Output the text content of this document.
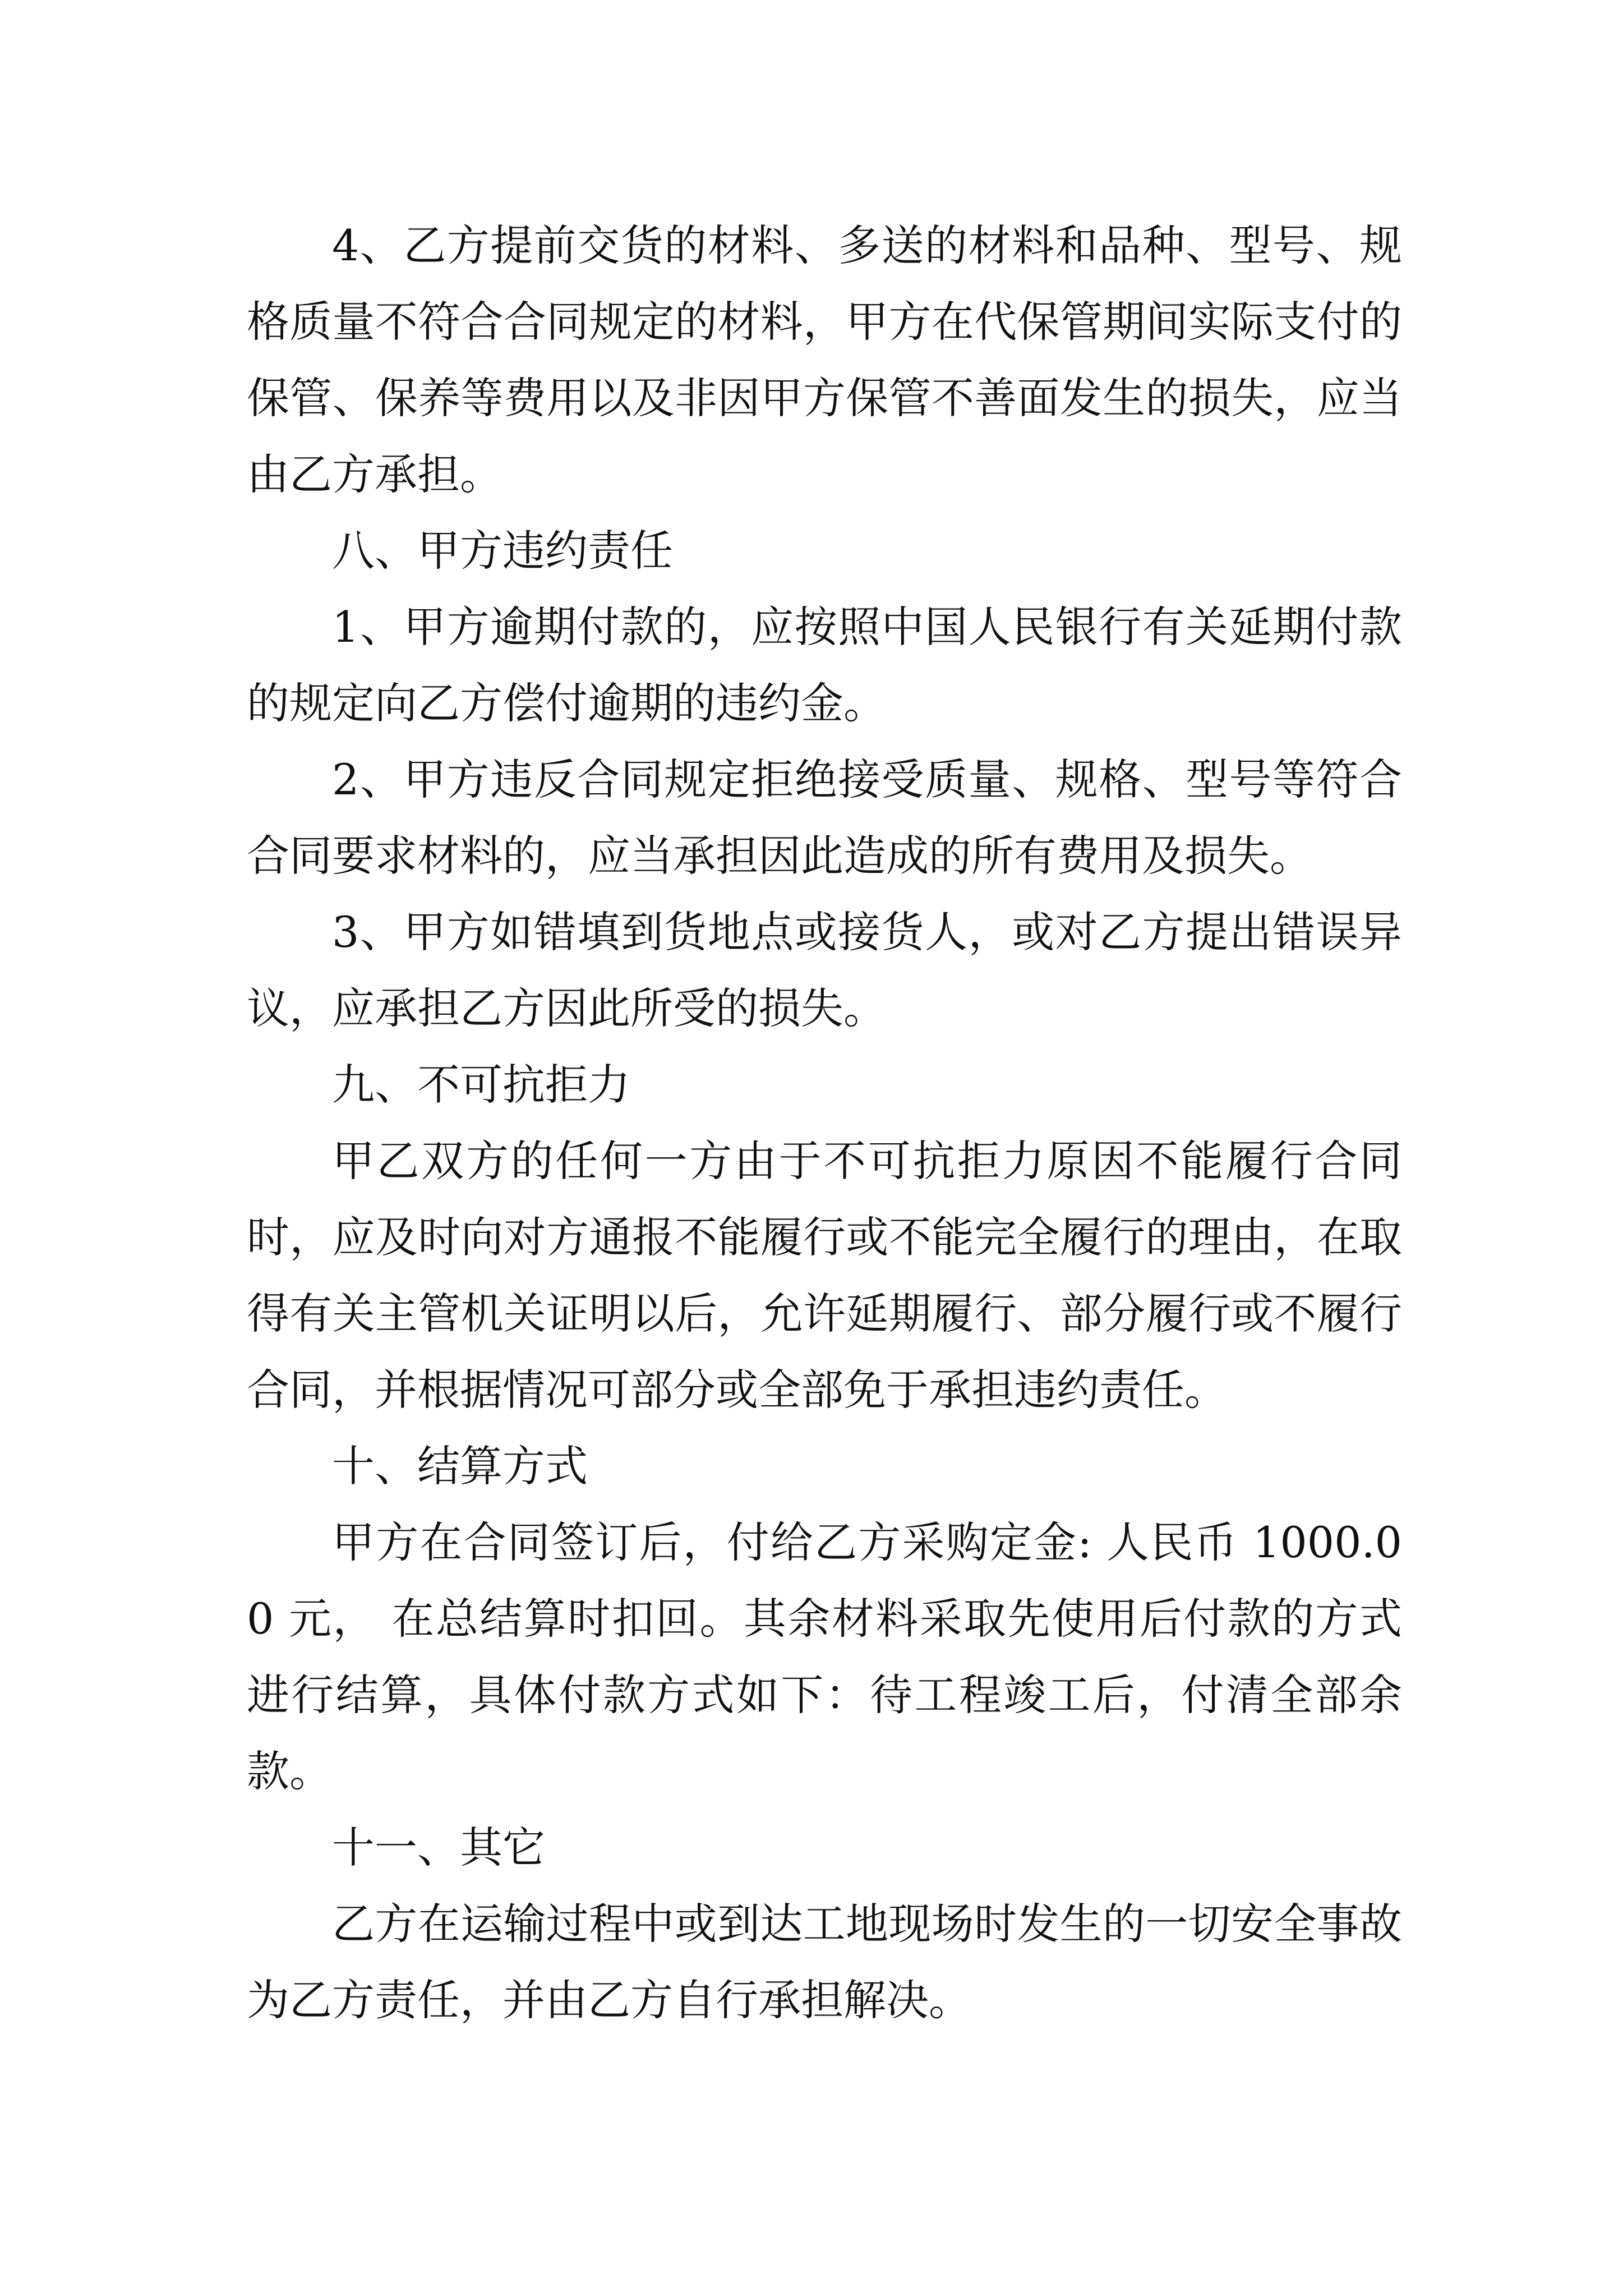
4、乙方提前交货的材料、多送的材料和品种、型号、规格质量不符合合同规定的材料，甲方在代保管期间实际支付的保管、保养等费用以及非因甲方保管不善面发生的损失，应当由乙方承担。

八、甲方违约责任

1、甲方逾期付款的，应按照中国人民银行有关延期付款的规定向乙方偿付逾期的违约金。

2、甲方违反合同规定拒绝接受质量、规格、型号等符合合同要求材料的，应当承担因此造成的所有费用及损失。

3、甲方如错填到货地点或接货人，或对乙方提出错误异议，应承担乙方因此所受的损失。

九、不可抗拒力

甲乙双方的任何一方由于不可抗拒力原因不能履行合同时，应及时向对方通报不能履行或不能完全履行的理由，在取得有关主管机关证明以后，允许延期履行、部分履行或不履行合同，并根据情况可部分或全部免于承担违约责任。

十、结算方式

甲方在合同签订后，付给乙方采购定金: 人民币 1000.00 元， 在总结算时扣回。其余材料采取先使用后付款的方式进行结算，具体付款方式如下：待工程竣工后，付清全部余款。

十一、其它

乙方在运输过程中或到达工地现场时发生的一切安全事故为乙方责任，并由乙方自行承担解决。
